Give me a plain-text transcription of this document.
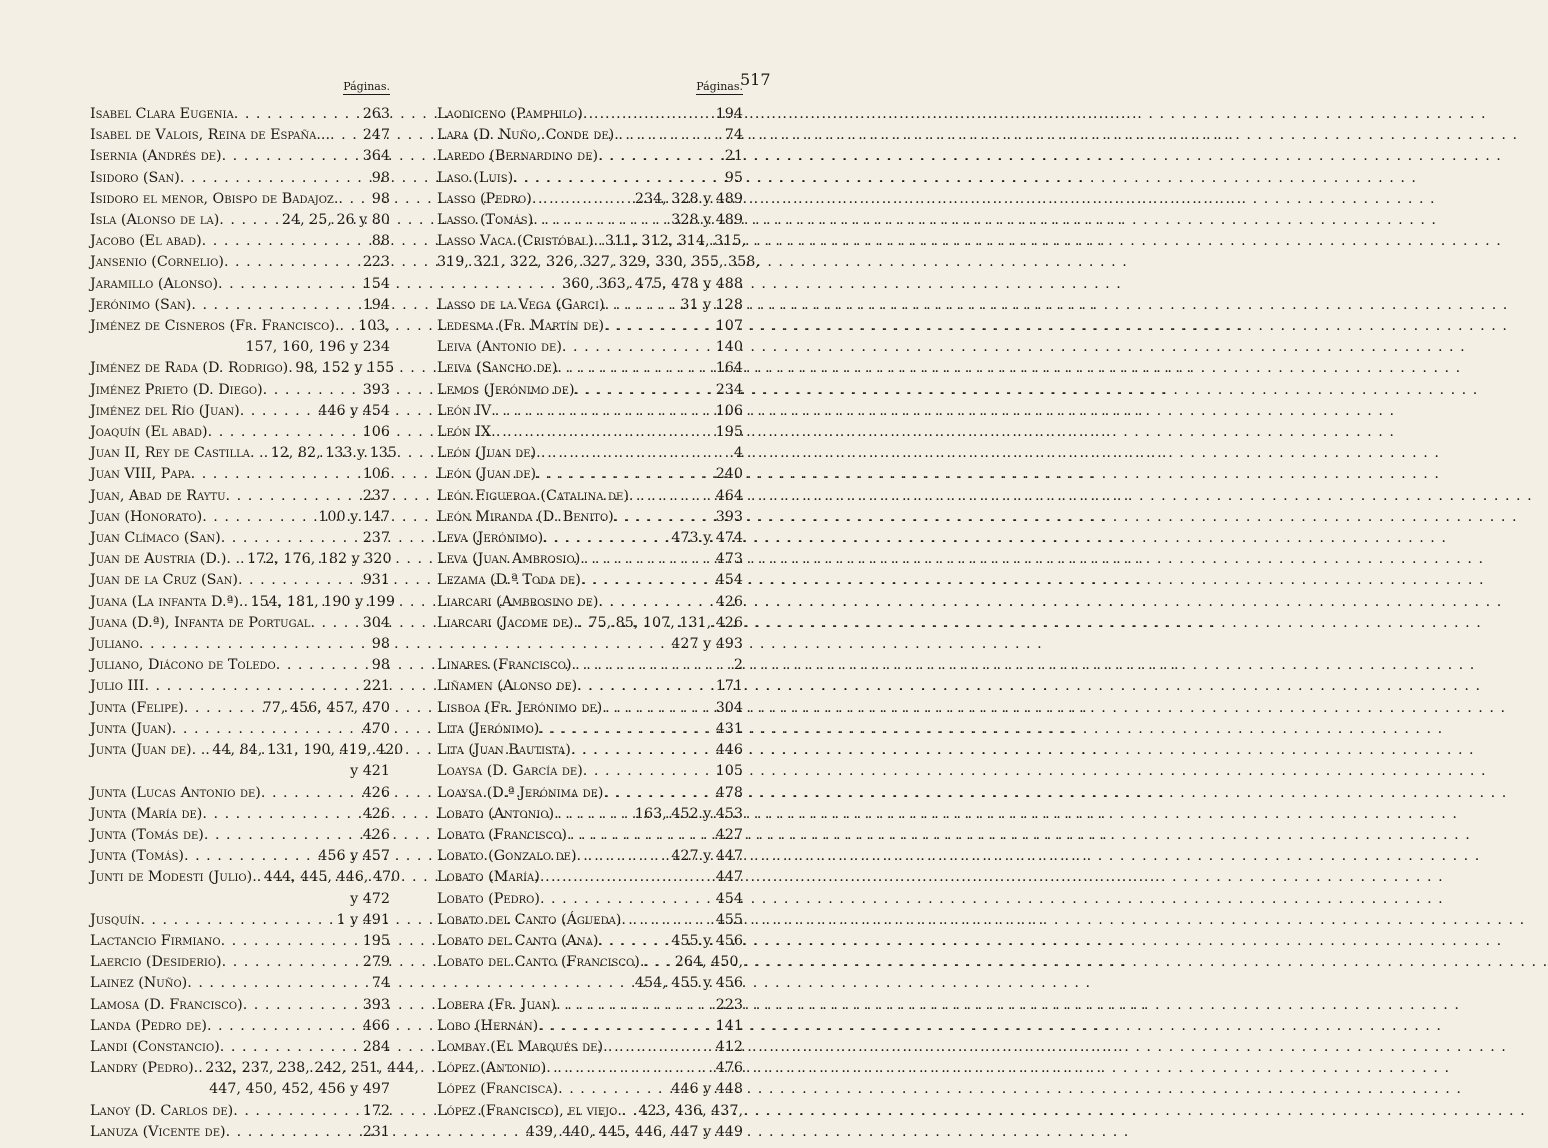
517
Páginas.
Isabel Clara Eugenia . . .	263
Isabel de Valois, Reina de España... . . . 247
Isernia (Andrés de) . . .	364
Isidoro (San) . . .	98
Isidoro el menor, Obispo de Badajoz. . . . 98
Isla (Alonso de la) . . .	24, 25, 26 y 80
Jacobo (El abad) . . .	88
Jansenio (Cornelio) . . .	223
Jaramillo (Alonso) . . .	154
Jerónimo (San) . . .	194
Jiménez de Cisneros (Fr. Francisco). . . . 103,
157, 160, 196 y 234
Jiménez de Rada (D. Rodrigo) . . . 98, 152 y 155
Jiménez Prieto (D. Diego) . . .	393
Jiménez del Río (Juan) . . .	446 y 454
Joaquín (El abad) . . .	106
Juan II, Rey de Castilla. . . . . 12, 82, 133 y 135
Juan VIII, Papa . . .	106
Juan, Abad de Raytu . . .	237
Juan (Honorato) . . .	100 y 147
Juan Clímaco (San) . . .	237
Juan de Austria (D.). . . . . 172, 176, 182 y 320
Juan de la Cruz (San) . . .	931
Juana (La infanta D.ª). . . . 154, 181, 190 y 199
Juana (D.ª), Infanta de Portugal . . .	304
Juliano . . .	98
Juliano, Diácono de Toledo . . .	98
Julio III . . .	221
Junta (Felipe) . . .	77, 456, 457, 470
Junta (Juan) . . .	470
Junta (Juan de). . . . . 44, 84, 131, 190, 419, 420
y 421
Junta (Lucas Antonio de) . . .	426
Junta (María de) . . .	426
Junta (Tomás de) . . .	426
Junta (Tomás) . . .	456 y 457
Junti de Modesti (Julio). . . . 444, 445, 446, 470
y 472
Jusquín . . .	1 y 491
Lactancio Firmiano . . .	195
Laercio (Desiderio) . . .	279
Lainez (Nuño) . . .	74
Lamosa (D. Francisco) . . .	393
Landa (Pedro de) . . .	466
Landi (Constancio) . . .	284
Landry (Pedro). . . . 232, 237, 238, 242, 251, 444,
447, 450, 452, 456 y 497
Lanoy (D. Carlos de) . . .	172
Lanuza (Vicente de) . . .	231
Páginas.
Laodiceno (Pamphilo) . . .	194
Lara (D. Nuño, Conde de) . . .	74
Laredo (Bernardino de) . . .	21
Laso (Luis) . . .	95
Lasso (Pedro) . . .	234, 328 y 489
Lasso (Tomás) . . .	328 y 489
Lasso Vaca (Cristóbal). . . . 311, 312, 314, 315,
319, 321, 322, 326, 327, 329, 330, 355, 358,
360, 363, 475, 478 y 488
Lasso de la Vega (Garci) . . .	31 y 128
Ledesma (Fr. Martín de) . . .	107
Leiva (Antonio de) . . .	140
Leiva (Sancho de) . . .	164
Lemos (Jerónimo de) . . .	234
León IV . . .	106
León IX . . .	195
León (Juan de) . . .	4
León (Juan de) . . .	240
León Figueroa (Catalina de) . . .	464
León Miranda (D. Benito) . . .	393
Leva (Jerónimo) . . .	473 y 474
Leva (Juan Ambrosio) . . .	473
Lezama (D.ª Toda de) . . .	454
Liarcari (Ambrosino de) . . .	426
Liarcari (Jacome de). . . . 75, 85, 107, 131, 426
427 y 493
Linares (Francisco) . . .	2
Liñamen (Alonso de) . . .	171
Lisboa (Fr. Jerónimo de) . . .	304
Lita (Jerónimo) . . .	431
Lita (Juan Bautista) . . .	446
Loaysa (D. García de) . . .	105
Loaysa (D.ª Jerónima de) . . .	478
Lobato (Antonio) . . .	163, 452 y 453
Lobato (Francisco) . . .	427
Lobato (Gonzalo de) . . .	427 y 447
Lobato (María) . . .	447
Lobato (Pedro) . . .	454
Lobato del Canto (Águeda) . . .	455
Lobato del Canto (Ana) . . .	455 y 456
Lobato del Canto (Francisco). . . . 264, 450,
454, 455 y 456
Lobera (Fr. Juan) . . .	223
Lobo (Hernán) . . .	141
Lombay (El Marqués de) . . .	412
López (Antonio) . . .	476
López (Francisca) . . .	446 y 448
López (Francisco), el viejo. . . . 423, 436, 437,
439, 440, 445, 446, 447 y 449
